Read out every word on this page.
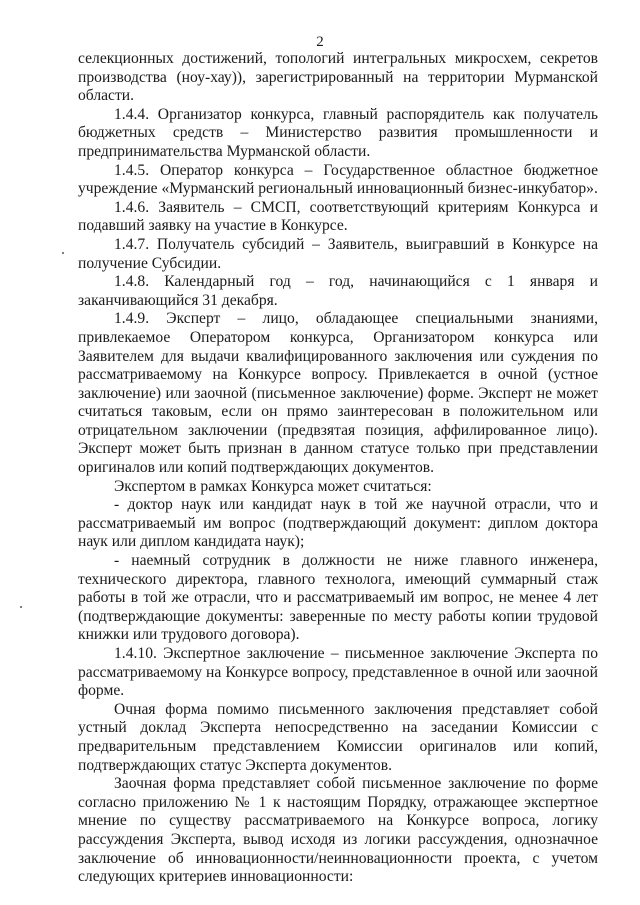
2

селекционных достижений, топологий интегральных микросхем, секретов производства (ноу-хау)), зарегистрированный на территории Мурманской области.

1.4.4. Организатор конкурса, главный распорядитель как получатель бюджетных средств – Министерство развития промышленности и предпринимательства Мурманской области.

1.4.5. Оператор конкурса – Государственное областное бюджетное учреждение «Мурманский региональный инновационный бизнес-инкубатор».

1.4.6. Заявитель – СМСП, соответствующий критериям Конкурса и подавший заявку на участие в Конкурсе.

1.4.7. Получатель субсидий – Заявитель, выигравший в Конкурсе на получение Субсидии.

1.4.8. Календарный год – год, начинающийся с 1 января и заканчивающийся 31 декабря.

1.4.9. Эксперт – лицо, обладающее специальными знаниями, привлекаемое Оператором конкурса, Организатором конкурса или Заявителем для выдачи квалифицированного заключения или суждения по рассматриваемому на Конкурсе вопросу. Привлекается в очной (устное заключение) или заочной (письменное заключение) форме. Эксперт не может считаться таковым, если он прямо заинтересован в положительном или отрицательном заключении (предвзятая позиция, аффилированное лицо). Эксперт может быть признан в данном статусе только при представлении оригиналов или копий подтверждающих документов.

Экспертом в рамках Конкурса может считаться:

- доктор наук или кандидат наук в той же научной отрасли, что и рассматриваемый им вопрос (подтверждающий документ: диплом доктора наук или диплом кандидата наук);

- наемный сотрудник в должности не ниже главного инженера, технического директора, главного технолога, имеющий суммарный стаж работы в той же отрасли, что и рассматриваемый им вопрос, не менее 4 лет (подтверждающие документы: заверенные по месту работы копии трудовой книжки или трудового договора).

1.4.10. Экспертное заключение – письменное заключение Эксперта по рассматриваемому на Конкурсе вопросу, представленное в очной или заочной форме.

Очная форма помимо письменного заключения представляет собой устный доклад Эксперта непосредственно на заседании Комиссии с предварительным представлением Комиссии оригиналов или копий, подтверждающих статус Эксперта документов.

Заочная форма представляет собой письменное заключение по форме согласно приложению № 1 к настоящим Порядку, отражающее экспертное мнение по существу рассматриваемого на Конкурсе вопроса, логику рассуждения Эксперта, вывод исходя из логики рассуждения, однозначное заключение об инновационности/неинновационности проекта, с учетом следующих критериев инновационности:
